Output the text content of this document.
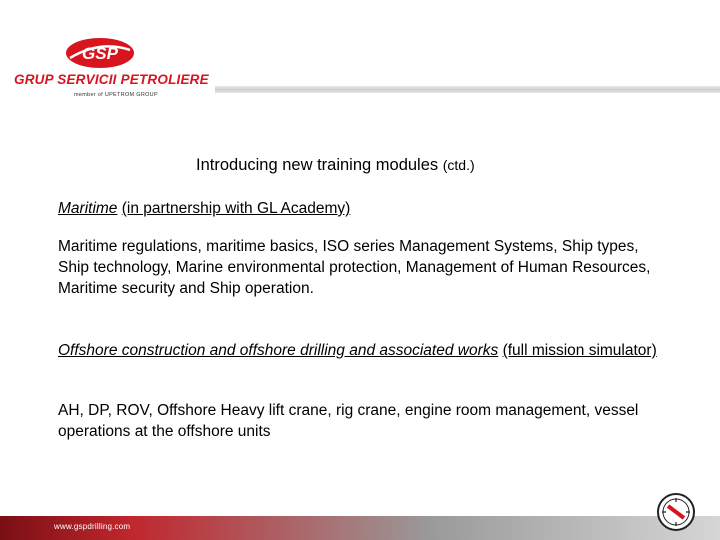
GSP
GRUP SERVICII PETROLIERE
member of UPETROM GROUP
Introducing new training modules (ctd.)
Maritime (in partnership with GL Academy)
Maritime regulations, maritime basics, ISO series Management Systems, Ship types, Ship technology, Marine environmental protection, Management of Human Resources, Maritime security and Ship operation.
Offshore construction and offshore drilling and associated works (full mission simulator)
AH, DP, ROV, Offshore Heavy lift crane, rig crane, engine room management, vessel operations at the offshore units
www.gspdrilling.com
